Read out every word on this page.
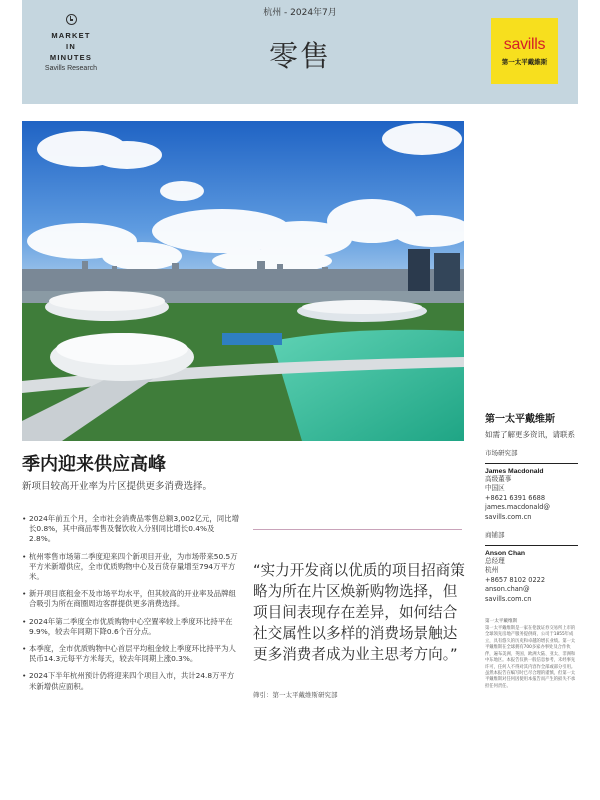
MARKET
IN
MINUTES
Savills Research
杭州 - 2024年7月
零售	savills
第一太平戴維斯
季内迎来供应高峰
新项目较高开业率为片区提供更多消费选择。
• 2024年前五个月，全市社会消费品零售总额3,002亿元，同比增长0.8%，其中商品零售及餐饮收入分别同比增长0.4%及2.8%。
• 杭州零售市场第二季度迎来四个新项目开业，为市场带来50.5万平方米新增供应，全市优质购物中心及百货存量增至794万平方米。
• 新开项目底租金不及市场平均水平，但其较高的开业率及品牌组合吸引为所在商圈周边客群提供更多消费选择。
• 2024年第二季度全市优质购物中心空置率较上季度环比持平在9.9%，较去年同期下降0.6个百分点。
• 本季度，全市优质购物中心首层平均租金较上季度环比持平为人民币14.3元每平方米每天，较去年同期上涨0.3%。
• 2024下半年杭州预计仍将迎来四个项目入市，共计24.8万平方米新增供应面积。
“实力开发商以优质的项目招商策略为所在片区焕新购物选择，但项目间表现存在差异，如何结合社交属性以多样的消费场景触达更多消费者成为业主思考方向。”
筛引：第一太平戴维斯研究部
第一太平戴维斯
如需了解更多资讯，请联系
市场研究部
James Macdonald
高级董事
中国区
+8621 6391 6688
james.macdonald@
savills.com.cn
商铺部
Anson Chan
总经理
杭州
+8657 8102 0222
anson.chan@
savills.com.cn
第一太平戴维斯
第一太平戴维斯是一家在伦敦证券交易所上市的全球领先房地产服务提供商，公司于1855年成立，具有悠久的历史和卓越的增长业绩。第一太平戴维斯在全球拥有700多家办事处及合作伙伴，遍布美洲、英国、欧洲大陆、亚太、非洲和中东地区。本报告仅供一般信息参考，未经事先许可，任何人不得对其内容作全部或部分引用。虽然本报告在编写时已尽合理的谨慎，但第一太平戴维斯对任何因使用本报告而产生的损失不承担任何责任。
